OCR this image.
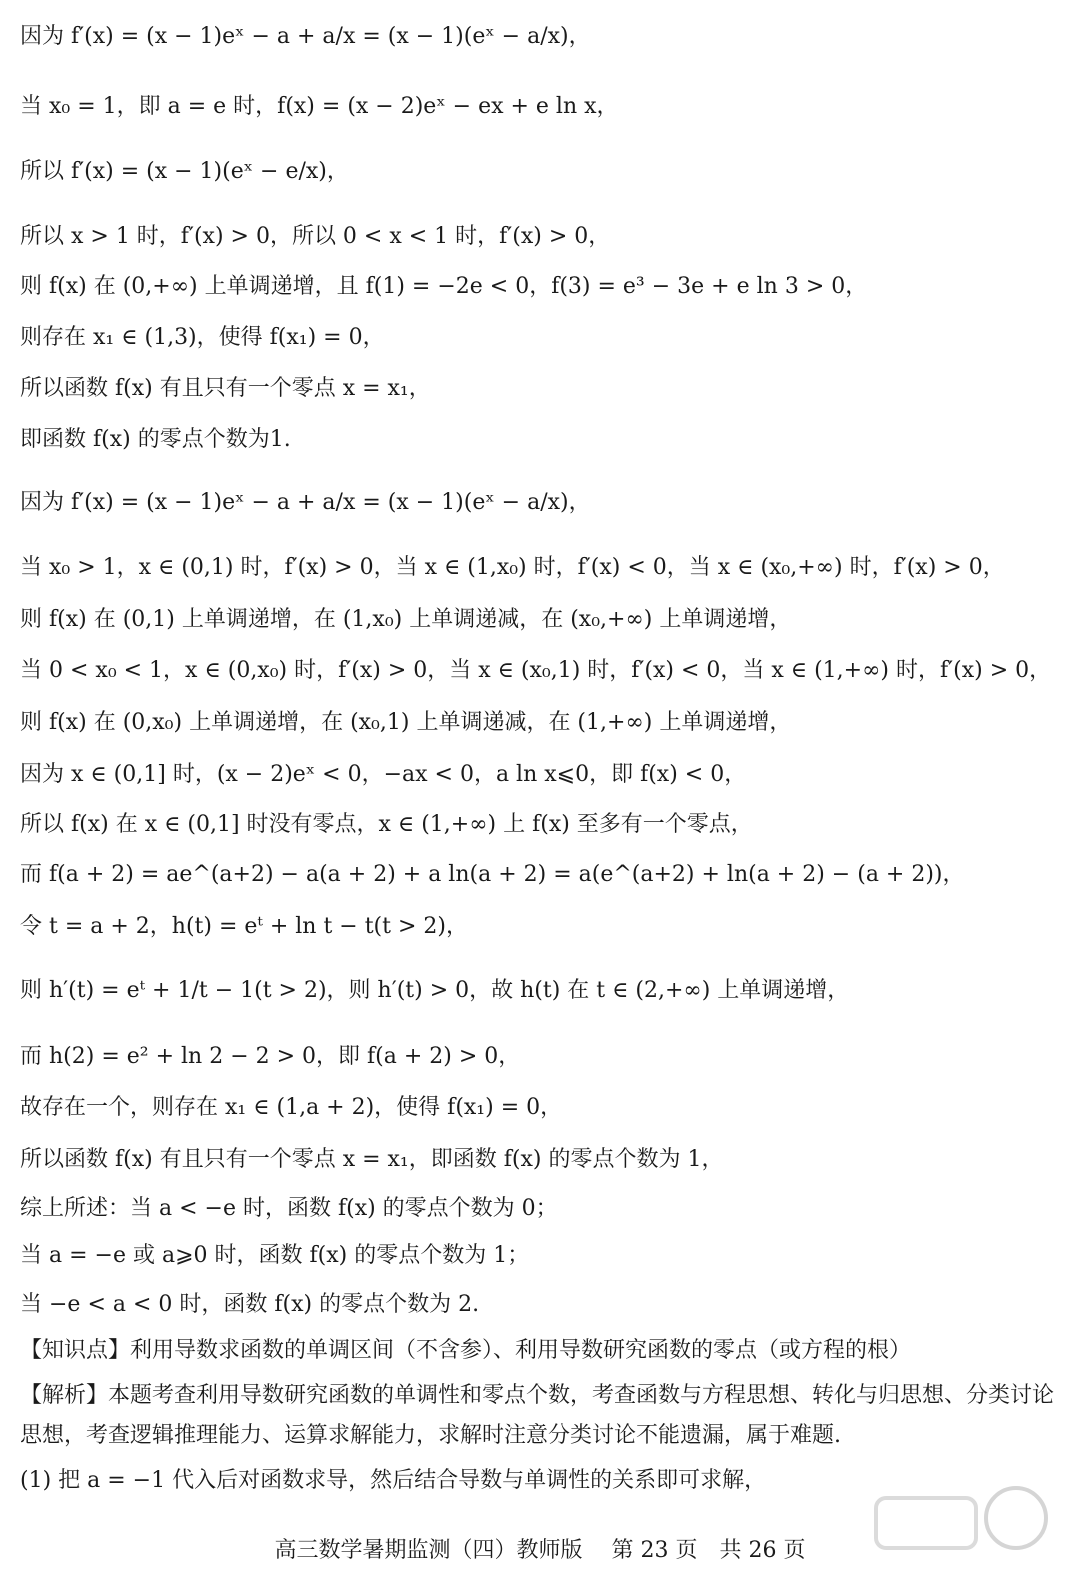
因为 f′(x) = (x − 1)eˣ − a + a/x = (x − 1)(eˣ − a/x)，
当 x₀ = 1，即 a = e 时，f(x) = (x − 2)eˣ − ex + e ln x，
所以 f′(x) = (x − 1)(eˣ − e/x)，
所以 x > 1 时，f′(x) > 0，所以 0 < x < 1 时，f′(x) > 0，
则 f(x) 在 (0,+∞) 上单调递增，且 f(1) = −2e < 0，f(3) = e³ − 3e + e ln 3 > 0，
则存在 x₁ ∈ (1,3)，使得 f(x₁) = 0，
所以函数 f(x) 有且只有一个零点 x = x₁，
即函数 f(x) 的零点个数为1.
因为 f′(x) = (x − 1)eˣ − a + a/x = (x − 1)(eˣ − a/x)，
当 x₀ > 1，x ∈ (0,1) 时，f′(x) > 0，当 x ∈ (1,x₀) 时，f′(x) < 0，当 x ∈ (x₀,+∞) 时，f′(x) > 0，
则 f(x) 在 (0,1) 上单调递增，在 (1,x₀) 上单调递减，在 (x₀,+∞) 上单调递增，
当 0 < x₀ < 1，x ∈ (0,x₀) 时，f′(x) > 0，当 x ∈ (x₀,1) 时，f′(x) < 0，当 x ∈ (1,+∞) 时，f′(x) > 0，
则 f(x) 在 (0,x₀) 上单调递增，在 (x₀,1) 上单调递减，在 (1,+∞) 上单调递增，
因为 x ∈ (0,1] 时，(x − 2)eˣ < 0，−ax < 0，a ln x⩽0，即 f(x) < 0，
所以 f(x) 在 x ∈ (0,1] 时没有零点，x ∈ (1,+∞) 上 f(x) 至多有一个零点，
而 f(a + 2) = ae^(a+2) − a(a + 2) + a ln(a + 2) = a(e^(a+2) + ln(a + 2) − (a + 2))，
令 t = a + 2，h(t) = eᵗ + ln t − t(t > 2)，
则 h′(t) = eᵗ + 1/t − 1(t > 2)，则 h′(t) > 0，故 h(t) 在 t ∈ (2,+∞) 上单调递增，
而 h(2) = e² + ln 2 − 2 > 0，即 f(a + 2) > 0，
故存在一个，则存在 x₁ ∈ (1,a + 2)，使得 f(x₁) = 0，
所以函数 f(x) 有且只有一个零点 x = x₁，即函数 f(x) 的零点个数为 1，
综上所述：当 a < −e 时，函数 f(x) 的零点个数为 0；
当 a = −e 或 a⩾0 时，函数 f(x) 的零点个数为 1；
当 −e < a < 0 时，函数 f(x) 的零点个数为 2.
【知识点】利用导数求函数的单调区间（不含参）、利用导数研究函数的零点（或方程的根）
【解析】本题考查利用导数研究函数的单调性和零点个数，考查函数与方程思想、转化与归思想、分类讨论思想，考查逻辑推理能力、运算求解能力，求解时注意分类讨论不能遗漏，属于难题.
(1) 把 a = −1 代入后对函数求导，然后结合导数与单调性的关系即可求解，
高三数学暑期监测（四）教师版　 第 23 页　共 26 页
